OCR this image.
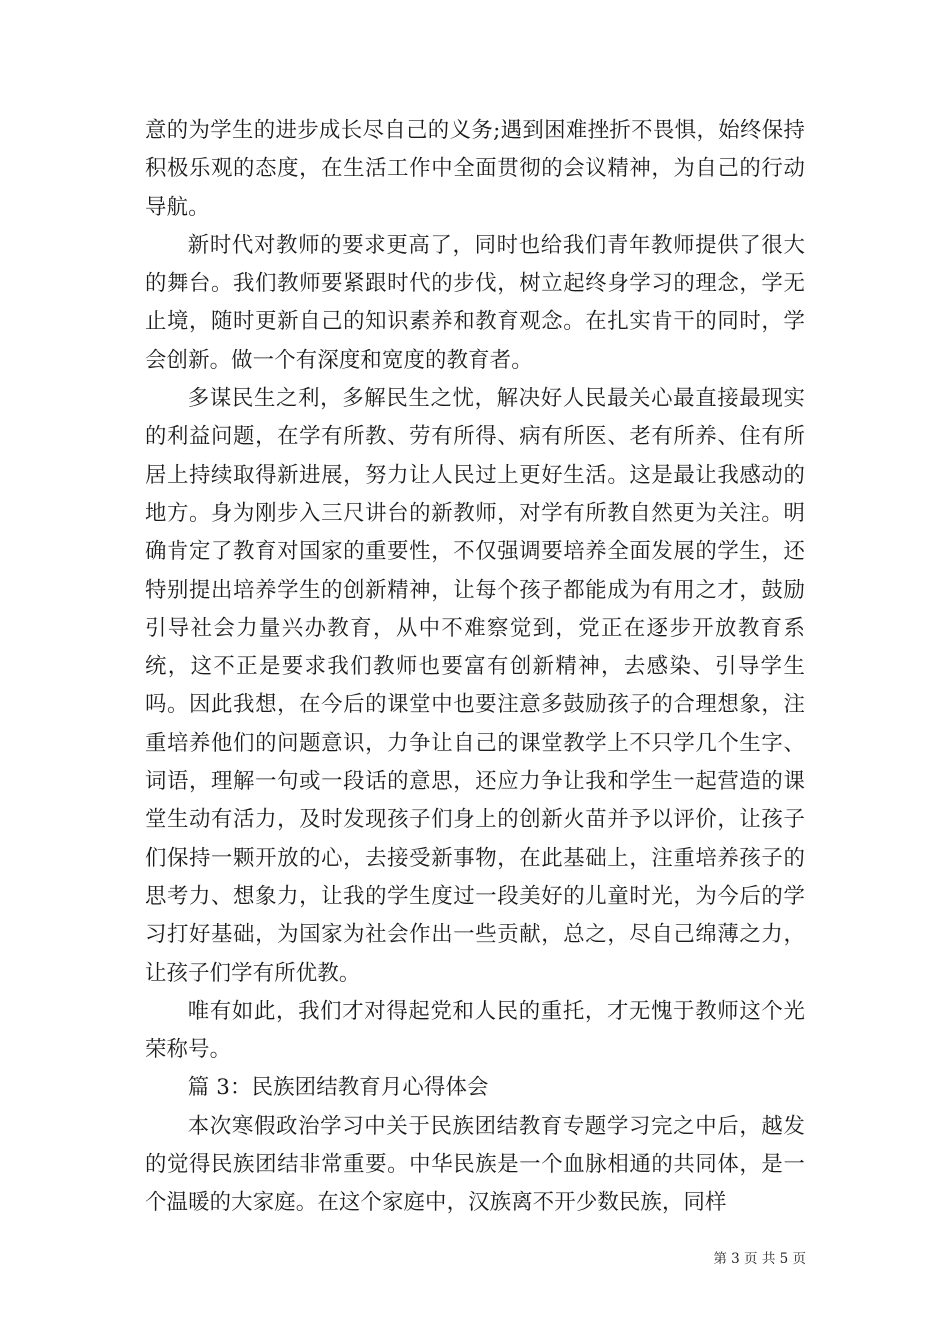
意的为学生的进步成长尽自己的义务;遇到困难挫折不畏惧，始终保持积极乐观的态度，在生活工作中全面贯彻的会议精神，为自己的行动导航。

新时代对教师的要求更高了，同时也给我们青年教师提供了很大的舞台。我们教师要紧跟时代的步伐，树立起终身学习的理念，学无止境，随时更新自己的知识素养和教育观念。在扎实肯干的同时，学会创新。做一个有深度和宽度的教育者。

多谋民生之利，多解民生之忧，解决好人民最关心最直接最现实的利益问题，在学有所教、劳有所得、病有所医、老有所养、住有所居上持续取得新进展，努力让人民过上更好生活。这是最让我感动的地方。身为刚步入三尺讲台的新教师，对学有所教自然更为关注。明确肯定了教育对国家的重要性，不仅强调要培养全面发展的学生，还特别提出培养学生的创新精神，让每个孩子都能成为有用之才，鼓励引导社会力量兴办教育，从中不难察觉到，党正在逐步开放教育系统，这不正是要求我们教师也要富有创新精神，去感染、引导学生吗。因此我想，在今后的课堂中也要注意多鼓励孩子的合理想象，注重培养他们的问题意识，力争让自己的课堂教学上不只学几个生字、词语，理解一句或一段话的意思，还应力争让我和学生一起营造的课堂生动有活力，及时发现孩子们身上的创新火苗并予以评价，让孩子们保持一颗开放的心，去接受新事物，在此基础上，注重培养孩子的思考力、想象力，让我的学生度过一段美好的儿童时光，为今后的学习打好基础，为国家为社会作出一些贡献，总之，尽自己绵薄之力，让孩子们学有所优教。

唯有如此，我们才对得起党和人民的重托，才无愧于教师这个光荣称号。

篇 3：民族团结教育月心得体会

本次寒假政治学习中关于民族团结教育专题学习完之中后，越发的觉得民族团结非常重要。中华民族是一个血脉相通的共同体，是一个温暖的大家庭。在这个家庭中，汉族离不开少数民族，同样

第 3 页 共 5 页
